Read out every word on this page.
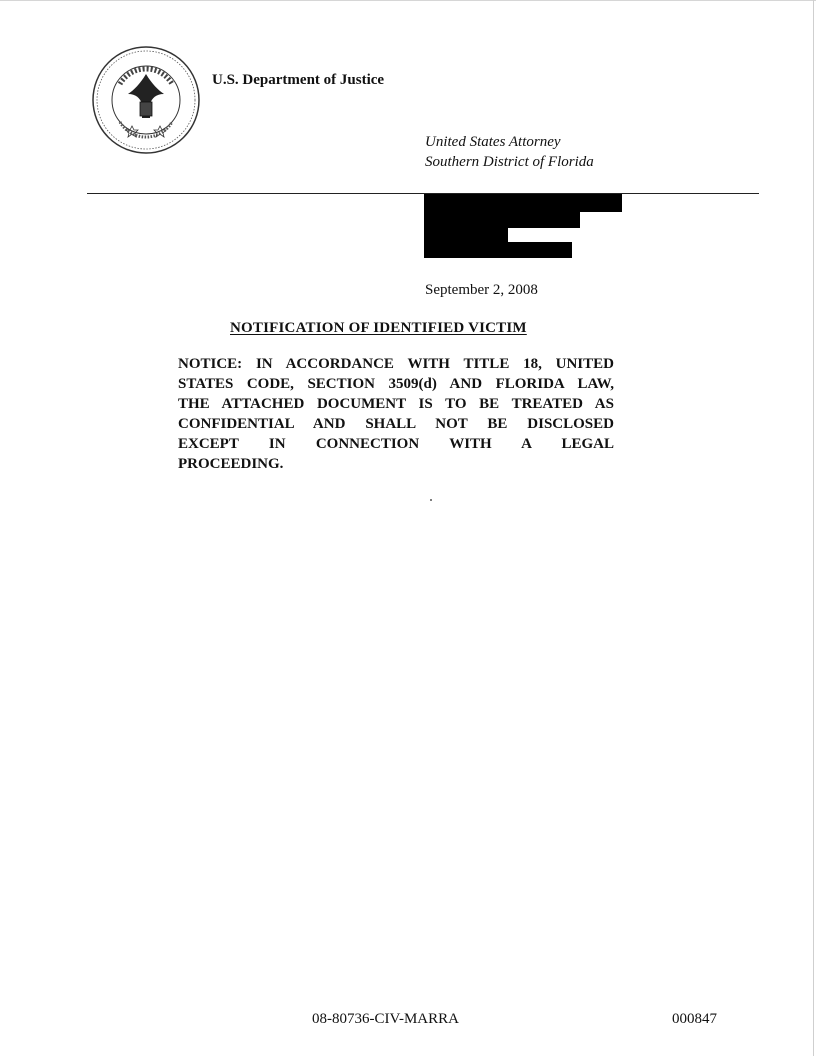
U.S. Department of Justice
United States Attorney
Southern District of Florida
September 2, 2008
NOTIFICATION OF IDENTIFIED VICTIM
NOTICE: IN ACCORDANCE WITH TITLE 18, UNITED
STATES CODE, SECTION 3509(d) AND FLORIDA LAW,
THE ATTACHED DOCUMENT IS TO BE TREATED AS
CONFIDENTIAL AND SHALL NOT BE DISCLOSED
EXCEPT IN CONNECTION WITH A LEGAL
PROCEEDING.
08-80736-CIV-MARRA	000847
